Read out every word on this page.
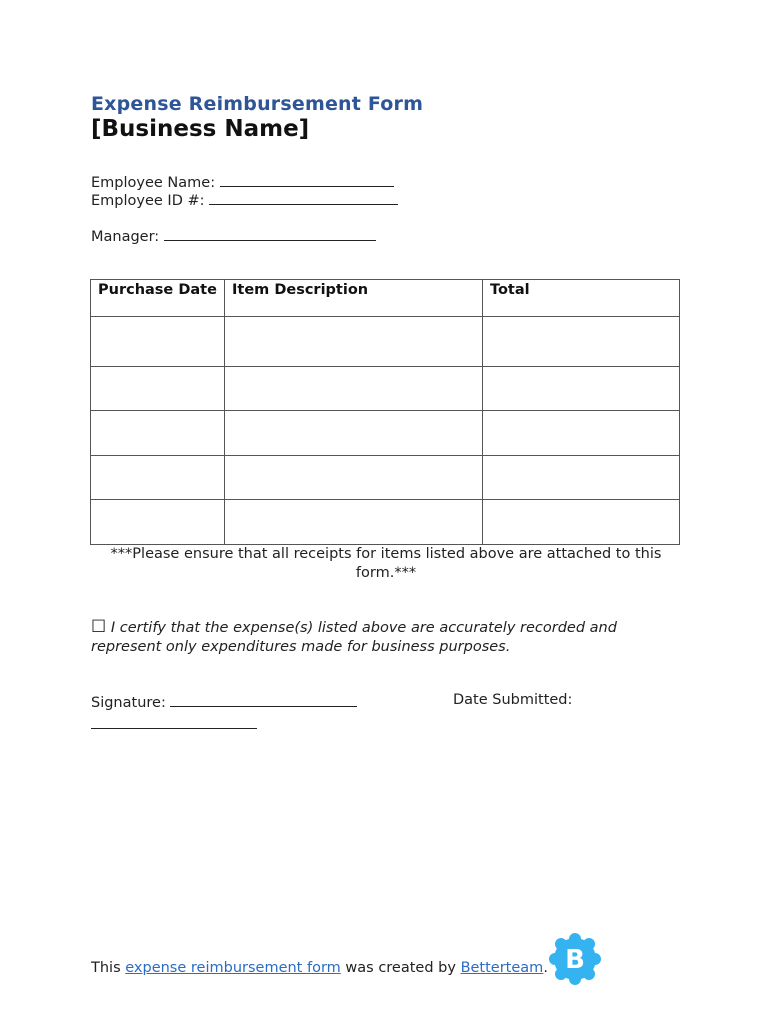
Expense Reimbursement Form
[Business Name]
Employee Name:
Employee ID #:
Manager:
Purchase Date	Item Description	Total

***Please ensure that all receipts for items listed above are attached to this form.***
☐ I certify that the expense(s) listed above are accurately recorded and represent only expenditures made for business purposes.
Signature:	Date Submitted:
This expense reimbursement form was created by Betterteam. B
